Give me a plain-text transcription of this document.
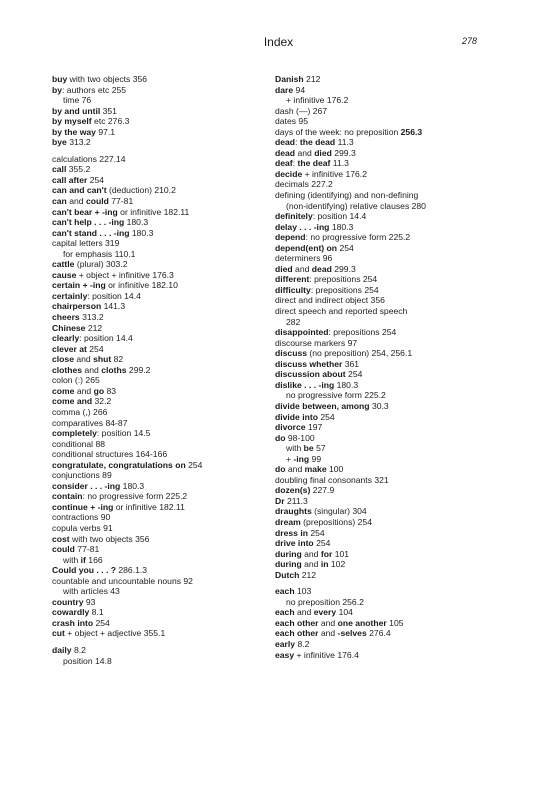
Index	278
buy with two objects 356
by: authors etc 255
time 76
by and until 351
by myself etc 276.3
by the way 97.1
bye 313.2
calculations 227.14
call 355.2
call after 254
can and can't (deduction) 210.2
can and could 77-81
can't bear + -ing or infinitive 182.11
can't help . . . -ing 180.3
can't stand . . . -ing 180.3
capital letters 319
for emphasis 110.1
cattle (plural) 303.2
cause + object + infinitive 176.3
certain + -ing or infinitive 182.10
certainly: position 14.4
chairperson 141.3
cheers 313.2
Chinese 212
clearly: position 14.4
clever at 254
close and shut 82
clothes and cloths 299.2
colon (:) 265
come and go 83
come and 32.2
comma (,) 266
comparatives 84-87
completely: position 14.5
conditional 88
conditional structures 164-166
congratulate, congratulations on 254
conjunctions 89
consider . . . -ing 180.3
contain: no progressive form 225.2
continue + -ing or infinitive 182.11
contractions 90
copula verbs 91
cost with two objects 356
could 77-81
with if 166
Could you . . . ? 286.1.3
countable and uncountable nouns 92
with articles 43
country 93
cowardly 8.1
crash into 254
cut + object + adjective 355.1
daily 8.2
position 14.8
Danish 212
dare 94
+ infinitive 176.2
dash (—) 267
dates 95
days of the week: no preposition 256.3
dead: the dead 11.3
dead and died 299.3
deaf: the deaf 11.3
decide + infinitive 176.2
decimals 227.2
defining (identifying) and non-defining
(non-identifying) relative clauses 280
definitely: position 14.4
delay . . . -ing 180.3
depend: no progressive form 225.2
depend(ent) on 254
determiners 96
died and dead 299.3
different: prepositions 254
difficulty: prepositions 254
direct and indirect object 356
direct speech and reported speech
282
disappointed: prepositions 254
discourse markers 97
discuss (no preposition) 254, 256.1
discuss whether 361
discussion about 254
dislike . . . -ing 180.3
no progressive form 225.2
divide between, among 30.3
divide into 254
divorce 197
do 98-100
with be 57
+ -ing 99
do and make 100
doubling final consonants 321
dozen(s) 227.9
Dr 211.3
draughts (singular) 304
dream (prepositions) 254
dress in 254
drive into 254
during and for 101
during and in 102
Dutch 212
each 103
no preposition 256.2
each and every 104
each other and one another 105
each other and -selves 276.4
early 8.2
easy + infinitive 176.4
